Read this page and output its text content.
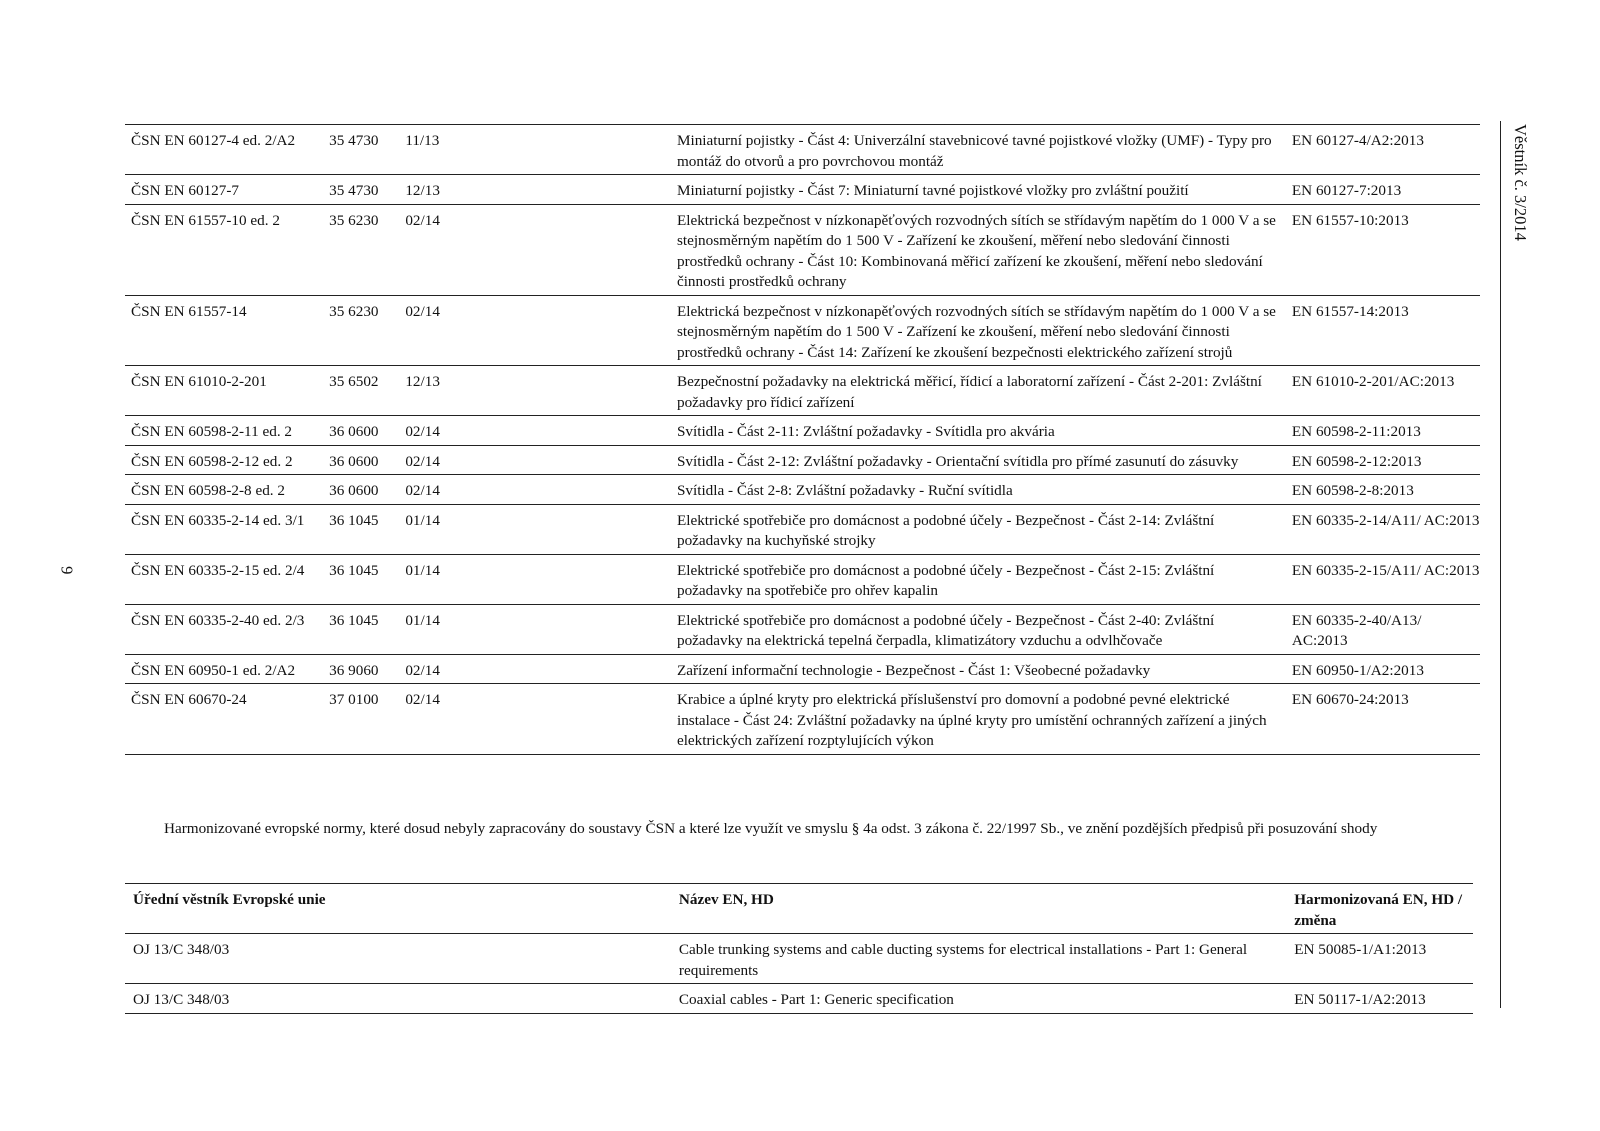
Věstník č. 3/2014
9
ČSN EN 60127-4 ed. 2/A2	35 4730	11/13	Miniaturní pojistky - Část 4: Univerzální stavebnicové tavné pojistkové vložky (UMF) - Typy pro montáž do otvorů a pro povrchovou montáž	EN 60127-4/A2:2013
ČSN EN 60127-7	35 4730	12/13	Miniaturní pojistky - Část 7: Miniaturní tavné pojistkové vložky pro zvláštní použití	EN 60127-7:2013
ČSN EN 61557-10 ed. 2	35 6230	02/14	Elektrická bezpečnost v nízkonapěťových rozvodných sítích se střídavým napětím do 1 000 V a se stejnosměrným napětím do 1 500 V - Zařízení ke zkoušení, měření nebo sledování činnosti prostředků ochrany - Část 10: Kombinovaná měřicí zařízení ke zkoušení, měření nebo sledování činnosti prostředků ochrany	EN 61557-10:2013
ČSN EN 61557-14	35 6230	02/14	Elektrická bezpečnost v nízkonapěťových rozvodných sítích se střídavým napětím do 1 000 V a se stejnosměrným napětím do 1 500 V - Zařízení ke zkoušení, měření nebo sledování činnosti prostředků ochrany - Část 14: Zařízení ke zkoušení bezpečnosti elektrického zařízení strojů	EN 61557-14:2013
ČSN EN 61010-2-201	35 6502	12/13	Bezpečnostní požadavky na elektrická měřicí, řídicí a laboratorní zařízení - Část 2-201: Zvláštní požadavky pro řídicí zařízení	EN 61010-2-201/AC:2013
ČSN EN 60598-2-11 ed. 2	36 0600	02/14	Svítidla - Část 2-11: Zvláštní požadavky - Svítidla pro akvária	EN 60598-2-11:2013
ČSN EN 60598-2-12 ed. 2	36 0600	02/14	Svítidla - Část 2-12: Zvláštní požadavky - Orientační svítidla pro přímé zasunutí do zásuvky	EN 60598-2-12:2013
ČSN EN 60598-2-8 ed. 2	36 0600	02/14	Svítidla - Část 2-8: Zvláštní požadavky - Ruční svítidla	EN 60598-2-8:2013
ČSN EN 60335-2-14 ed. 3/1	36 1045	01/14	Elektrické spotřebiče pro domácnost a podobné účely - Bezpečnost - Část 2-14: Zvláštní požadavky na kuchyňské strojky	EN 60335-2-14/A11/ AC:2013
ČSN EN 60335-2-15 ed. 2/4	36 1045	01/14	Elektrické spotřebiče pro domácnost a podobné účely - Bezpečnost - Část 2-15: Zvláštní požadavky na spotřebiče pro ohřev kapalin	EN 60335-2-15/A11/ AC:2013
ČSN EN 60335-2-40 ed. 2/3	36 1045	01/14	Elektrické spotřebiče pro domácnost a podobné účely - Bezpečnost - Část 2-40: Zvláštní požadavky na elektrická tepelná čerpadla, klimatizátory vzduchu a odvlhčovače	EN 60335-2-40/A13/ AC:2013
ČSN EN 60950-1 ed. 2/A2	36 9060	02/14	Zařízení informační technologie - Bezpečnost - Část 1: Všeobecné požadavky	EN 60950-1/A2:2013
ČSN EN 60670-24	37 0100	02/14	Krabice a úplné kryty pro elektrická příslušenství pro domovní a podobné pevné elektrické instalace - Část 24: Zvláštní požadavky na úplné kryty pro umístění ochranných zařízení a jiných elektrických zařízení rozptylujících výkon	EN 60670-24:2013
Harmonizované evropské normy, které dosud nebyly zapracovány do soustavy ČSN a které lze využít ve smyslu § 4a odst. 3 zákona č. 22/1997 Sb., ve znění pozdějších předpisů při posuzování shody
Úřední věstník Evropské unie	Název EN, HD	Harmonizovaná EN, HD / změna
OJ 13/C 348/03	Cable trunking systems and cable ducting systems for electrical installations - Part 1: General requirements	EN 50085-1/A1:2013
OJ 13/C 348/03	Coaxial cables - Part 1: Generic specification	EN 50117-1/A2:2013
